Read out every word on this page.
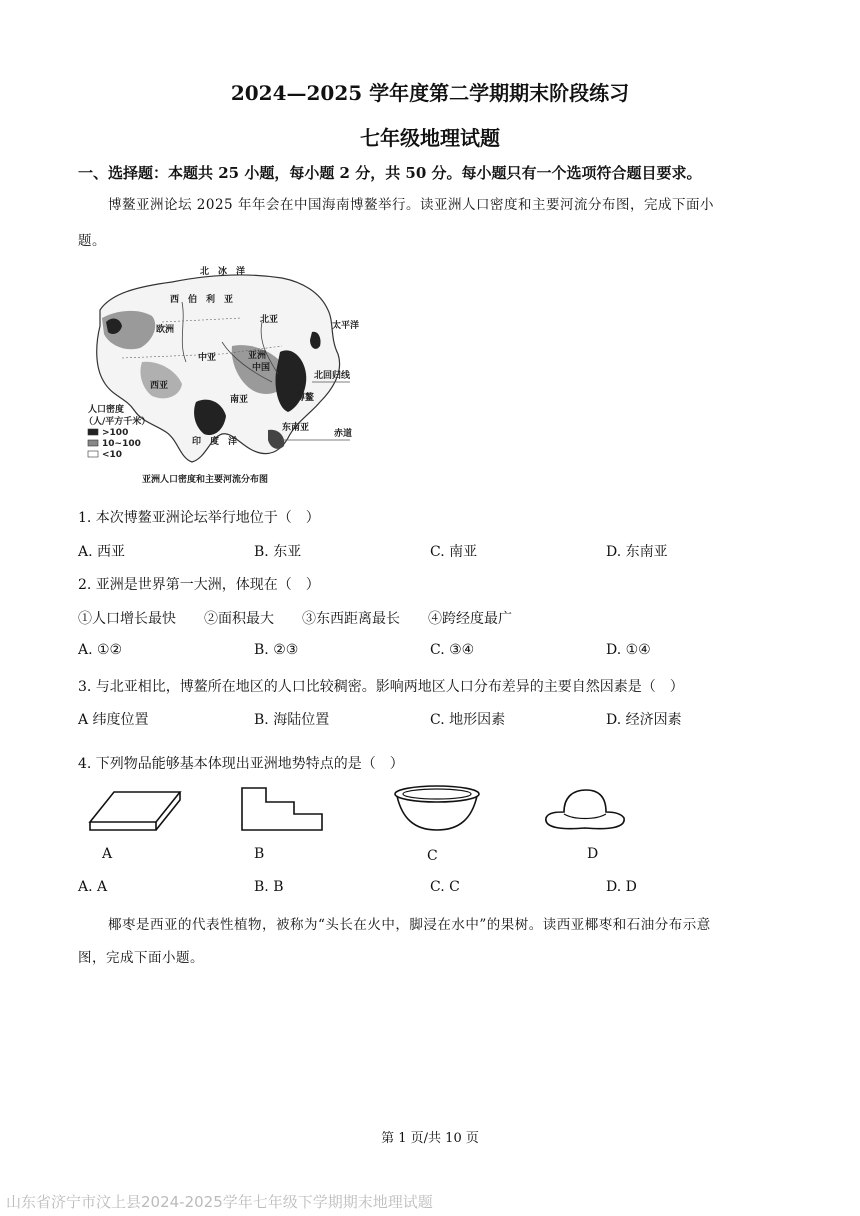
2024—2025 学年度第二学期期末阶段练习
七年级地理试题
一、选择题：本题共 25 小题，每小题 2 分，共 50 分。每小题只有一个选项符合题目要求。
博鳌亚洲论坛 2025 年年会在中国海南博鳌举行。读亚洲人口密度和主要河流分布图，完成下面小
题。
北　冰　洋
西　伯　利　亚
北亚
欧洲
中亚	亚洲
中国
西亚
南亚
东南亚
印　度　洋
太平洋
北回归线
赤道
博鳌
人口密度
（人/平方千米）
>100
10~100
<10
亚洲人口密度和主要河流分布图
1. 本次博鳌亚洲论坛举行地位于（　）
A. 西亚	B. 东亚	C. 南亚	D. 东南亚
2. 亚洲是世界第一大洲，体现在（　）
①人口增长最快　　②面积最大　　③东西距离最长　　④跨经度最广
A. ①②	B. ②③	C. ③④	D. ①④
3. 与北亚相比，博鳌所在地区的人口比较稠密。影响两地区人口分布差异的主要自然因素是（　）
A 纬度位置	B. 海陆位置	C. 地形因素	D. 经济因素
4. 下列物品能够基本体现出亚洲地势特点的是（　）
A	B	C	D
A. A	B. B	C. C	D. D
椰枣是西亚的代表性植物，被称为“头长在火中，脚浸在水中”的果树。读西亚椰枣和石油分布示意
图，完成下面小题。
第 1 页/共 10 页
山东省济宁市汶上县2024-2025学年七年级下学期期末地理试题
